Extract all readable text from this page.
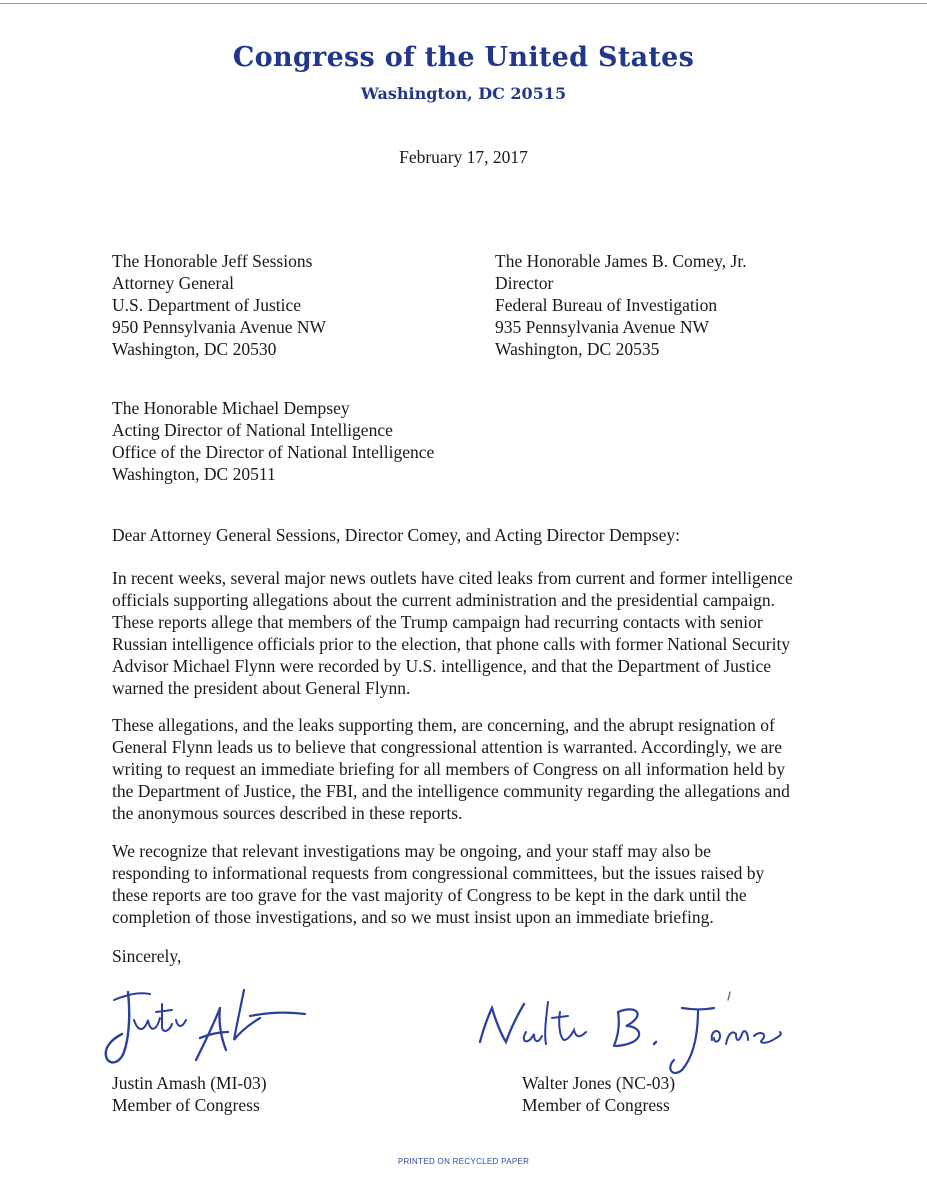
Congress of the United States
Washington, DC 20515
February 17, 2017
The Honorable Jeff Sessions
Attorney General
U.S. Department of Justice
950 Pennsylvania Avenue NW
Washington, DC 20530
The Honorable James B. Comey, Jr.
Director
Federal Bureau of Investigation
935 Pennsylvania Avenue NW
Washington, DC 20535
The Honorable Michael Dempsey
Acting Director of National Intelligence
Office of the Director of National Intelligence
Washington, DC 20511
Dear Attorney General Sessions, Director Comey, and Acting Director Dempsey:
In recent weeks, several major news outlets have cited leaks from current and former intelligence
officials supporting allegations about the current administration and the presidential campaign.
These reports allege that members of the Trump campaign had recurring contacts with senior
Russian intelligence officials prior to the election, that phone calls with former National Security
Advisor Michael Flynn were recorded by U.S. intelligence, and that the Department of Justice
warned the president about General Flynn.
These allegations, and the leaks supporting them, are concerning, and the abrupt resignation of
General Flynn leads us to believe that congressional attention is warranted. Accordingly, we are
writing to request an immediate briefing for all members of Congress on all information held by
the Department of Justice, the FBI, and the intelligence community regarding the allegations and
the anonymous sources described in these reports.
We recognize that relevant investigations may be ongoing, and your staff may also be
responding to informational requests from congressional committees, but the issues raised by
these reports are too grave for the vast majority of Congress to be kept in the dark until the
completion of those investigations, and so we must insist upon an immediate briefing.
Sincerely,
Justin Amash (MI-03)
Member of Congress
Walter Jones (NC-03)
Member of Congress
PRINTED ON RECYCLED PAPER
